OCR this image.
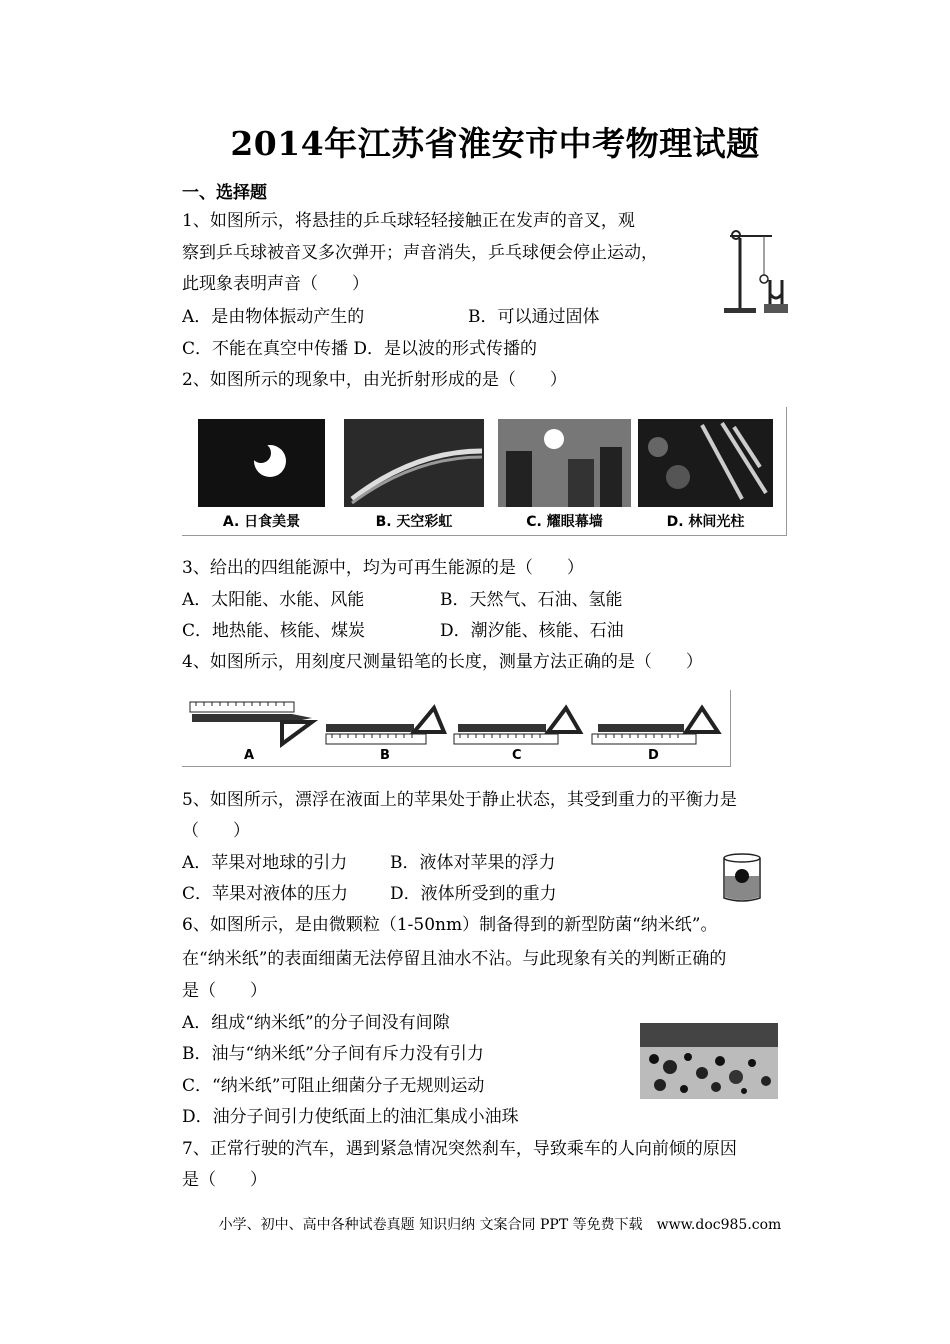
2014年江苏省淮安市中考物理试题
一、选择题
1、如图所示，将悬挂的乒乓球轻轻接触正在发声的音叉，观
察到乒乓球被音叉多次弹开；声音消失，乒乓球便会停止运动，
此现象表明声音（　　）
A．是由物体振动产生的	B．可以通过固体
C．不能在真空中传播 D．是以波的形式传播的
2、如图所示的现象中，由光折射形成的是（　　）
A. 日食美景	B. 天空彩虹	C. 耀眼幕墙	D. 林间光柱
3、给出的四组能源中，均为可再生能源的是（　　）
A．太阳能、水能、风能	B．天然气、石油、氢能
C．地热能、核能、煤炭	D．潮汐能、核能、石油
4、如图所示，用刻度尺测量铅笔的长度，测量方法正确的是（　　）
A	B	C	D
5、如图所示，漂浮在液面上的苹果处于静止状态，其受到重力的平衡力是
（　　）
A．苹果对地球的引力	B．液体对苹果的浮力
C．苹果对液体的压力 D．液体所受到的重力
6、如图所示，是由微颗粒（1-50nm）制备得到的新型防菌“纳米纸”。
在“纳米纸”的表面细菌无法停留且油水不沾。与此现象有关的判断正确的
是（　　）
A．组成“纳米纸”的分子间没有间隙
B．油与“纳米纸”分子间有斥力没有引力
C．“纳米纸”可阻止细菌分子无规则运动
D．油分子间引力使纸面上的油汇集成小油珠
7、正常行驶的汽车，遇到紧急情况突然刹车，导致乘车的人向前倾的原因
是（　　）
小学、初中、高中各种试卷真题 知识归纳 文案合同 PPT 等免费下载　www.doc985.com
